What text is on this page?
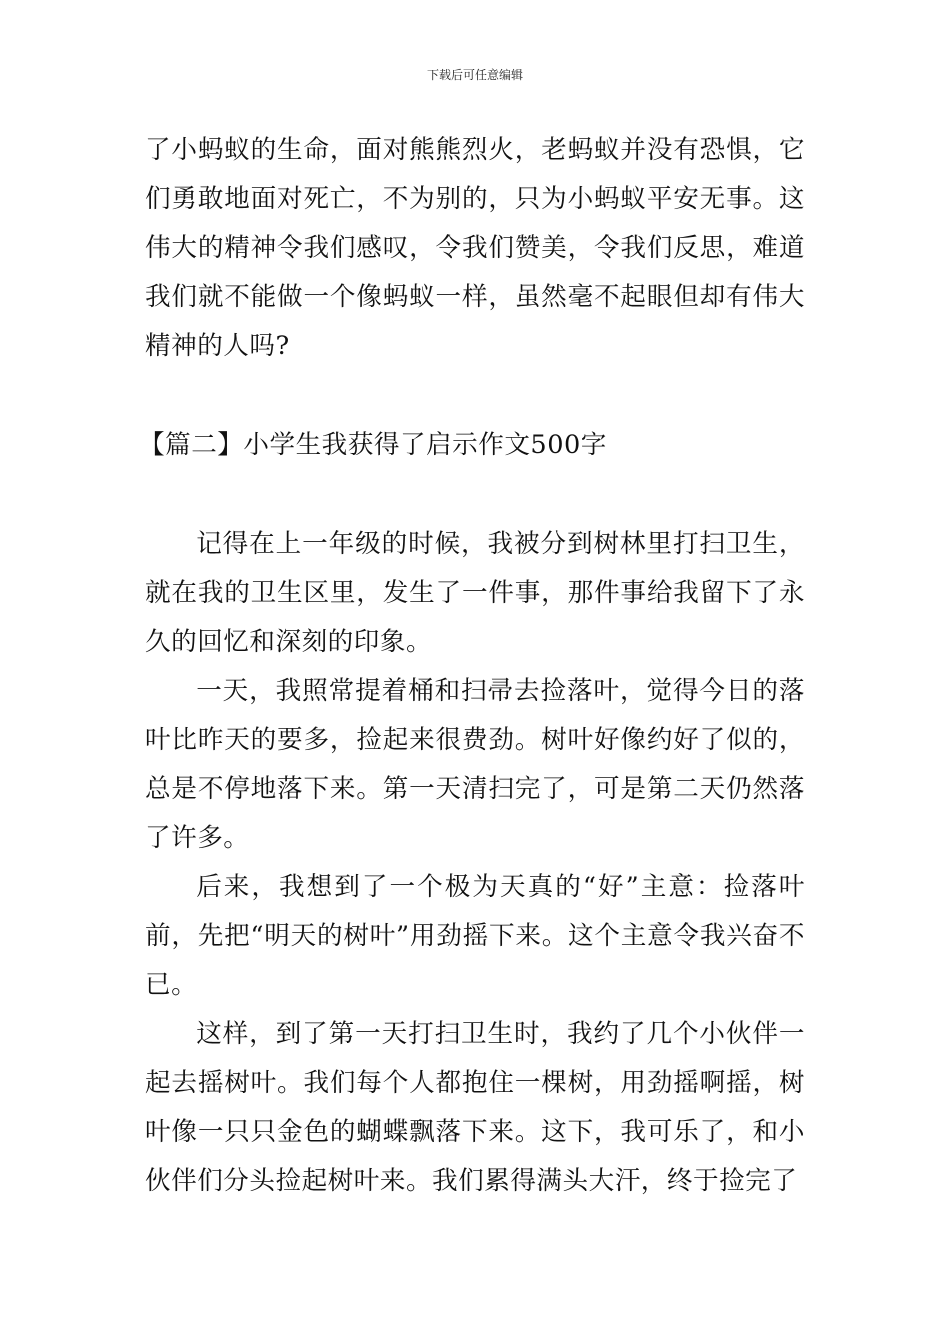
下载后可任意编辑

了小蚂蚁的生命，面对熊熊烈火，老蚂蚁并没有恐惧，它们勇敢地面对死亡，不为别的，只为小蚂蚁平安无事。这伟大的精神令我们感叹，令我们赞美，令我们反思，难道我们就不能做一个像蚂蚁一样，虽然毫不起眼但却有伟大精神的人吗?

【篇二】小学生我获得了启示作文500字

记得在上一年级的时候，我被分到树林里打扫卫生，就在我的卫生区里，发生了一件事，那件事给我留下了永久的回忆和深刻的印象。

一天，我照常提着桶和扫帚去捡落叶，觉得今日的落叶比昨天的要多，捡起来很费劲。树叶好像约好了似的，总是不停地落下来。第一天清扫完了，可是第二天仍然落了许多。

后来，我想到了一个极为天真的“好”主意：捡落叶前，先把“明天的树叶”用劲摇下来。这个主意令我兴奋不已。

这样，到了第一天打扫卫生时，我约了几个小伙伴一起去摇树叶。我们每个人都抱住一棵树，用劲摇啊摇，树叶像一只只金色的蝴蝶飘落下来。这下，我可乐了，和小伙伴们分头捡起树叶来。我们累得满头大汗，终于捡完了
